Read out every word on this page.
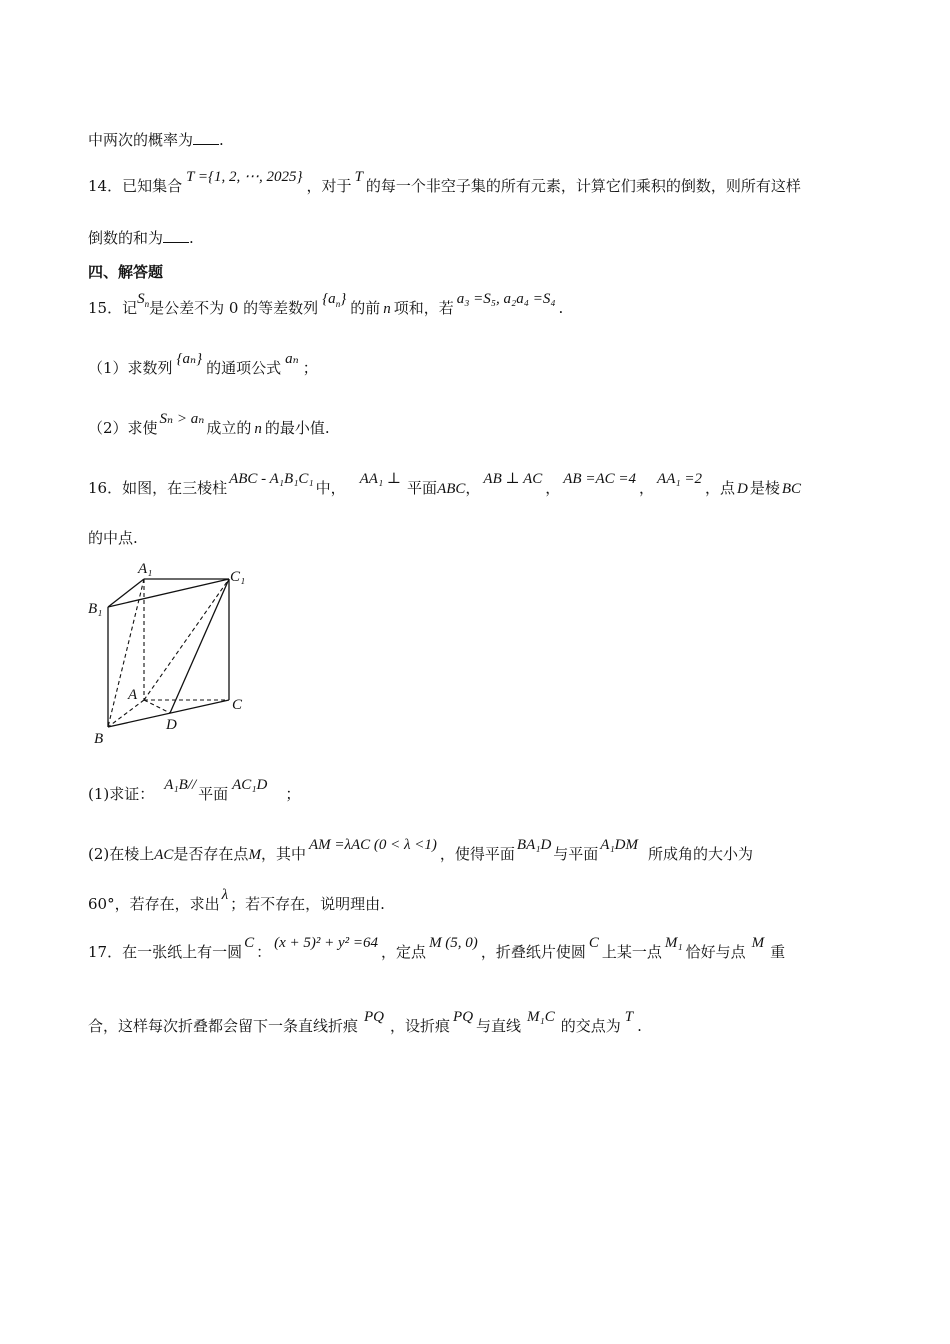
中两次的概率为 .
14．已知集合 T ={1, 2, ⋯, 2025} ，对于 T 的每一个非空子集的所有元素，计算它们乘积的倒数，则所有这样
倒数的和为 .
四、解答题
15．记$S_n$是公差不为 0 的等差数列 $\{a_n\}$ 的前 n 项和，若 a₃ =S₅, a₂a₄ =S₄ .
（1）求数列 {aₙ} 的通项公式 aₙ ；
（2）求使 Sₙ > aₙ 成立的 n 的最小值.
16．如图，在三棱柱 ABC - A₁B₁C₁ 中， AA₁ ⊥ 平面ABC， AB ⊥ AC ， AB =AC =4 ， AA₁ =2 ，点 D 是棱 BC
的中点.
A₁
B₁
C₁
A
B
C
D
(1)求证： A₁B// 平面 AC₁D ；
(2)在棱上AC是否存在点M，其中 AM =λAC (0 < λ <1) ，使得平面 BA₁D 与平面 A₁DM 所成角的大小为
60°，若存在，求出 λ ；若不存在，说明理由.
17．在一张纸上有一圆 C ： (x + 5)² + y² =64 ，定点 M (5, 0) ，折叠纸片使圆 C 上某一点 M₁ 恰好与点 M 重
合，这样每次折叠都会留下一条直线折痕 PQ ，设折痕 PQ 与直线 M₁C 的交点为 T .
